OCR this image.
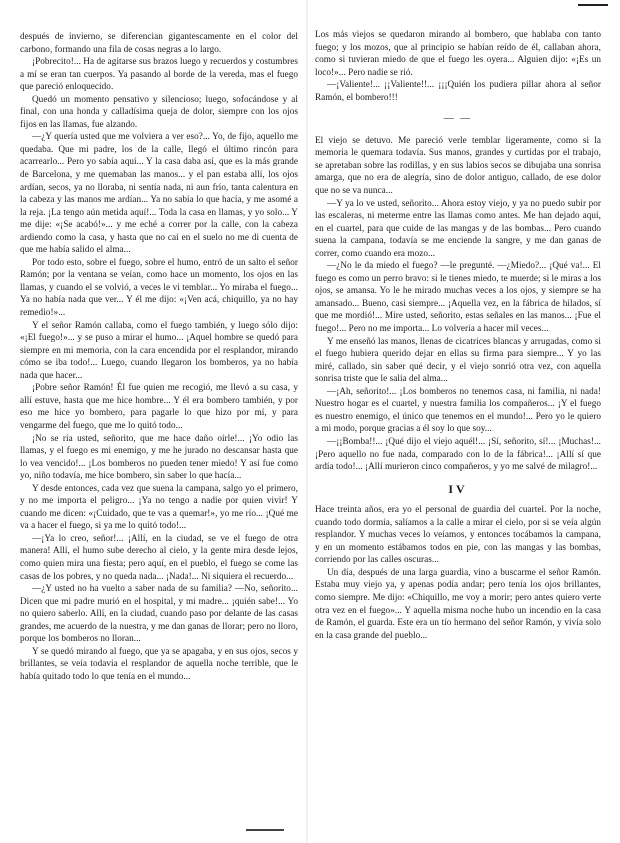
después de invierno, se diferencian gigantescamente en el color del carbono, formando una fila de cosas negras a lo largo.

¡Pobrecito!... Ha de agitarse sus brazos luego y recuerdos y costumbres a mí se eran tan cuerpos. Ya pasando al borde de la vereda, mas el fuego que pareció enloquecido.

Quedó un momento pensativo y silencioso; luego, sofocándose y al final, con una honda y calladísima queja de dolor, siempre con los ojos fijos en las llamas, fue alzando.

—¿Y quería usted que me volviera a ver eso?... Yo, de fijo, aquello me quedaba. Que mi padre, los de la calle, llegó el último rincón para acarrearlo... Pero yo sabía aquí... Y la casa daba así, que es la más grande de Barcelona, y me quemaban las manos... y el pan estaba allí, los ojos ardían, secos, ya no lloraba, ni sentía nada, ni aun frío, tanta calentura en la cabeza y las manos me ardían... Ya no sabía lo que hacía, y me asomé a la reja. ¡La tengo aún metida aquí!... Toda la casa en llamas, y yo solo... Y me dije: «¡Se acabó!»... y me eché a correr por la calle, con la cabeza ardiendo como la casa, y hasta que no caí en el suelo no me di cuenta de que me había salido el alma...

Por todo esto, sobre el fuego, sobre el humo, entró de un salto el señor Ramón; por la ventana se veían, como hace un momento, los ojos en las llamas, y cuando el se volvió, a veces le vi temblar... Yo miraba el fuego... Ya no había nada que ver... Y él me dijo: «¡Ven acá, chiquillo, ya no hay remedio!»...

Y el señor Ramón callaba, como el fuego también, y luego sólo dijo: «¡El fuego!»... y se puso a mirar el humo... ¡Aquel hombre se quedó para siempre en mi memoria, con la cara encendida por el resplandor, mirando cómo se iba todo!... Luego, cuando llegaron los bomberos, ya no había nada que hacer...

¡Pobre señor Ramón! Él fue quien me recogió, me llevó a su casa, y allí estuve, hasta que me hice hombre... Y él era bombero también, y por eso me hice yo bombero, para pagarle lo que hizo por mí, y para vengarme del fuego, que me lo quitó todo...

¡No se ría usted, señorito, que me hace daño oírle!... ¡Yo odio las llamas, y el fuego es mi enemigo, y me he jurado no descansar hasta que lo vea vencido!... ¡Los bomberos no pueden tener miedo! Y así fue como yo, niño todavía, me hice bombero, sin saber lo que hacía...

Y desde entonces, cada vez que suena la campana, salgo yo el primero, y no me importa el peligro... ¡Ya no tengo a nadie por quien vivir! Y cuando me dicen: «¡Cuidado, que te vas a quemar!», yo me río... ¡Qué me va a hacer el fuego, si ya me lo quitó todo!...

—¡Ya lo creo, señor!... ¡Allí, en la ciudad, se ve el fuego de otra manera! Allí, el humo sube derecho al cielo, y la gente mira desde lejos, como quien mira una fiesta; pero aquí, en el pueblo, el fuego se come las casas de los pobres, y no queda nada... ¡Nada!... Ni siquiera el recuerdo...

—¿Y usted no ha vuelto a saber nada de su familia? —No, señorito... Dicen que mi padre murió en el hospital, y mi madre... ¡quién sabe!... Yo no quiero saberlo. Allí, en la ciudad, cuando paso por delante de las casas grandes, me acuerdo de la nuestra, y me dan ganas de llorar; pero no lloro, porque los bomberos no lloran...

Y se quedó mirando al fuego, que ya se apagaba, y en sus ojos, secos y brillantes, se veía todavía el resplandor de aquella noche terrible, que le había quitado todo lo que tenía en el mundo...

Los más viejos se quedaron mirando al bombero, que hablaba con tanto fuego; y los mozos, que al principio se habían reído de él, callaban ahora, como si tuvieran miedo de que el fuego les oyera... Alguien dijo: «¡Es un loco!»... Pero nadie se rió.

—¡Valiente!... ¡¡Valiente!!... ¡¡¡Quién los pudiera pillar ahora al señor Ramón, el bombero!!!

— —

El viejo se detuvo. Me pareció verle temblar ligeramente, como si la memoria le quemara todavía. Sus manos, grandes y curtidas por el trabajo, se apretaban sobre las rodillas, y en sus labios secos se dibujaba una sonrisa amarga, que no era de alegría, sino de dolor antiguo, callado, de ese dolor que no se va nunca...

—Y ya lo ve usted, señorito... Ahora estoy viejo, y ya no puedo subir por las escaleras, ni meterme entre las llamas como antes. Me han dejado aquí, en el cuartel, para que cuide de las mangas y de las bombas... Pero cuando suena la campana, todavía se me enciende la sangre, y me dan ganas de correr, como cuando era mozo...

—¿No le da miedo el fuego? —le pregunté. —¿Miedo?... ¡Qué va!... El fuego es como un perro bravo: si le tienes miedo, te muerde; si le miras a los ojos, se amansa. Yo le he mirado muchas veces a los ojos, y siempre se ha amansado... Bueno, casi siempre... ¡Aquella vez, en la fábrica de hilados, sí que me mordió!... Mire usted, señorito, estas señales en las manos... ¡Fue el fuego!... Pero no me importa... Lo volvería a hacer mil veces...

Y me enseñó las manos, llenas de cicatrices blancas y arrugadas, como si el fuego hubiera querido dejar en ellas su firma para siempre... Y yo las miré, callado, sin saber qué decir, y el viejo sonrió otra vez, con aquella sonrisa triste que le salía del alma...

—¡Ah, señorito!... ¡Los bomberos no tenemos casa, ni familia, ni nada! Nuestro hogar es el cuartel, y nuestra familia los compañeros... ¡Y el fuego es nuestro enemigo, el único que tenemos en el mundo!... Pero yo le quiero a mi modo, porque gracias a él soy lo que soy...

—¡¡Bomba!!... ¡Qué dijo el viejo aquél!... ¡Sí, señorito, sí!... ¡Muchas!... ¡Pero aquello no fue nada, comparado con lo de la fábrica!... ¡Allí sí que ardía todo!... ¡Allí murieron cinco compañeros, y yo me salvé de milagro!...

IV

Hace treinta años, era yo el personal de guardia del cuartel. Por la noche, cuando todo dormía, salíamos a la calle a mirar el cielo, por si se veía algún resplandor. Y muchas veces lo veíamos, y entonces tocábamos la campana, y en un momento estábamos todos en pie, con las mangas y las bombas, corriendo por las calles oscuras...

Un día, después de una larga guardia, vino a buscarme el señor Ramón. Estaba muy viejo ya, y apenas podía andar; pero tenía los ojos brillantes, como siempre. Me dijo: «Chiquillo, me voy a morir; pero antes quiero verte otra vez en el fuego»... Y aquella misma noche hubo un incendio en la casa de Ramón, el guarda. Este era un tío hermano del señor Ramón, y vivía solo en la casa grande del pueblo...
